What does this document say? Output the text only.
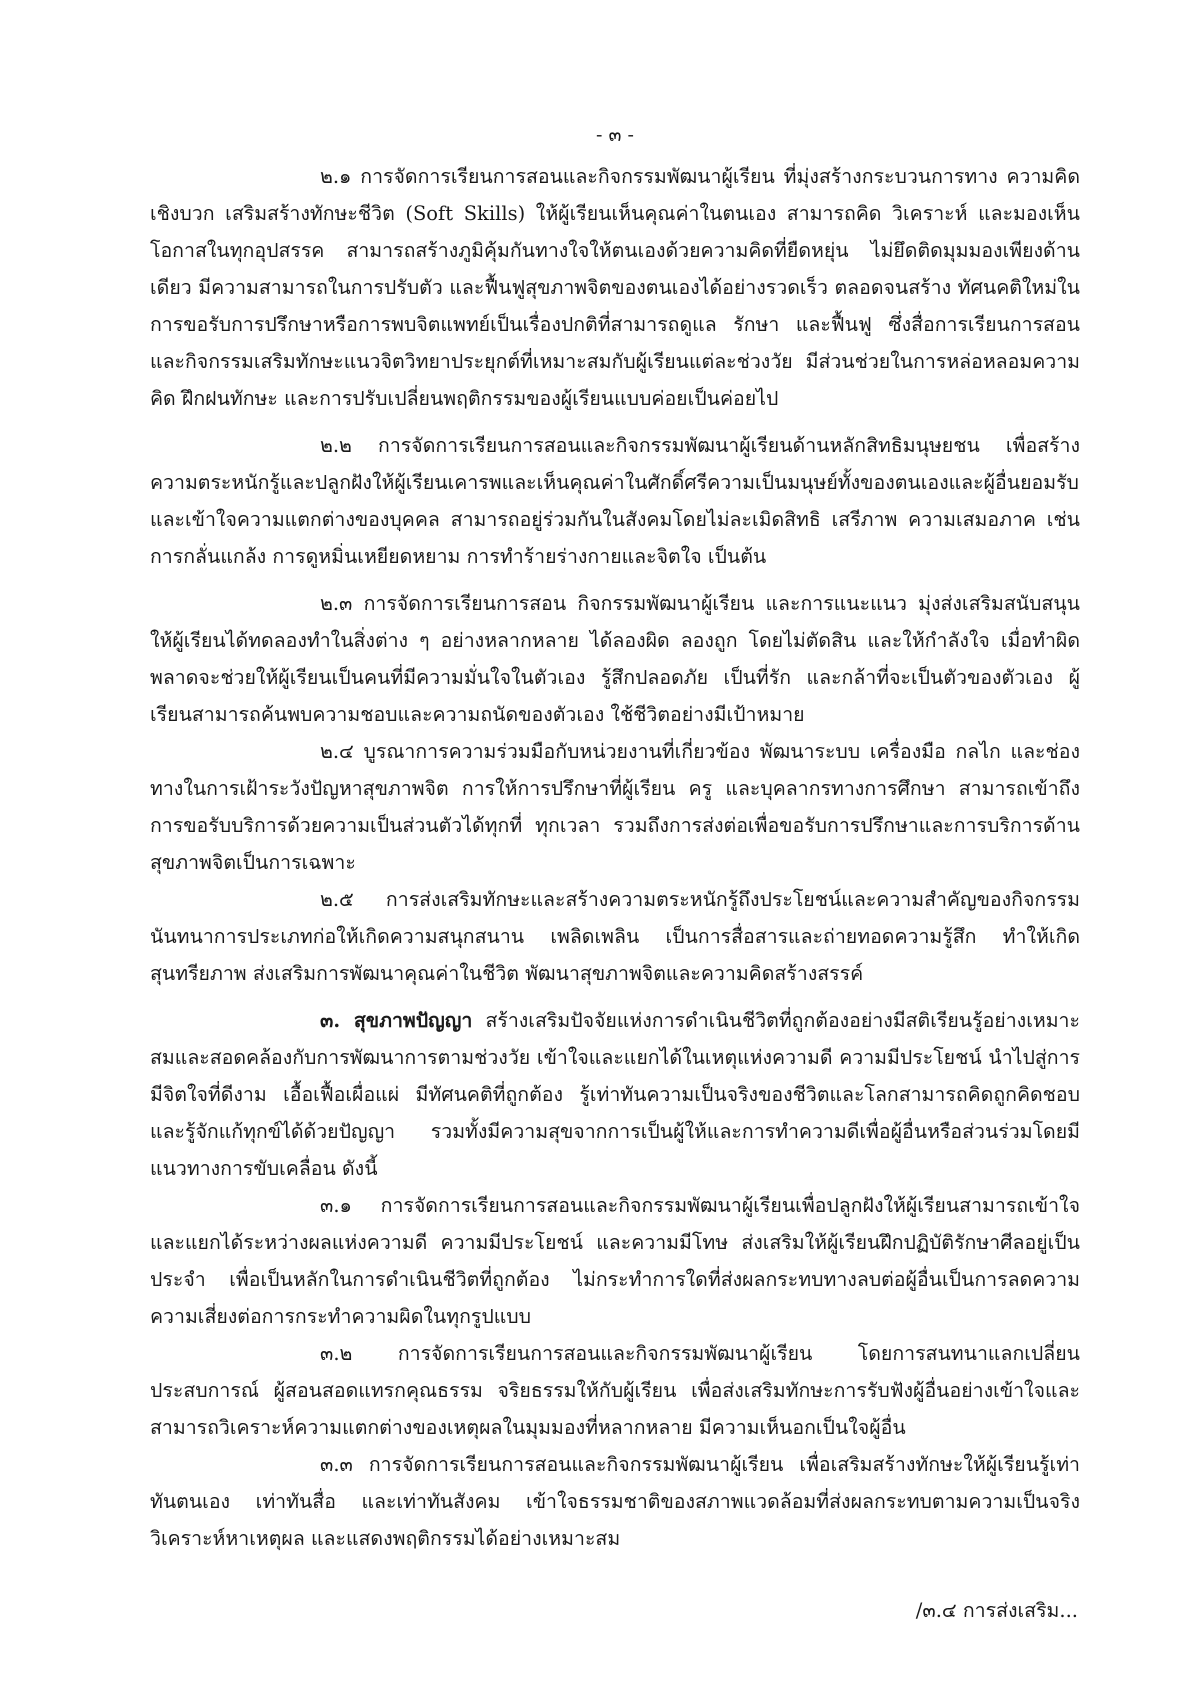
- ๓ -

๒.๑ การจัดการเรียนการสอนและกิจกรรมพัฒนาผู้เรียน ที่มุ่งสร้างกระบวนการทาง ความคิดเชิงบวก เสริมสร้างทักษะชีวิต (Soft Skills) ให้ผู้เรียนเห็นคุณค่าในตนเอง สามารถคิด วิเคราะห์ และมองเห็นโอกาสในทุกอุปสรรค สามารถสร้างภูมิคุ้มกันทางใจให้ตนเองด้วยความคิดที่ยืดหยุ่น ไม่ยึดติดมุมมองเพียงด้านเดียว มีความสามารถในการปรับตัว และฟื้นฟูสุขภาพจิตของตนเองได้อย่างรวดเร็ว ตลอดจนสร้าง ทัศนคติใหม่ในการขอรับการปรึกษาหรือการพบจิตแพทย์เป็นเรื่องปกติที่สามารถดูแล รักษา และฟื้นฟู ซึ่งสื่อการเรียนการสอนและกิจกรรมเสริมทักษะแนวจิตวิทยาประยุกต์ที่เหมาะสมกับผู้เรียนแต่ละช่วงวัย มีส่วนช่วยในการหล่อหลอมความคิด ฝึกฝนทักษะ และการปรับเปลี่ยนพฤติกรรมของผู้เรียนแบบค่อยเป็นค่อยไป

๒.๒ การจัดการเรียนการสอนและกิจกรรมพัฒนาผู้เรียนด้านหลักสิทธิมนุษยชน เพื่อสร้างความตระหนักรู้และปลูกฝังให้ผู้เรียนเคารพและเห็นคุณค่าในศักดิ์ศรีความเป็นมนุษย์ทั้งของตนเองและผู้อื่นยอมรับและเข้าใจความแตกต่างของบุคคล สามารถอยู่ร่วมกันในสังคมโดยไม่ละเมิดสิทธิ เสรีภาพ ความเสมอภาค เช่น การกลั่นแกล้ง การดูหมิ่นเหยียดหยาม การทำร้ายร่างกายและจิตใจ เป็นต้น

๒.๓ การจัดการเรียนการสอน กิจกรรมพัฒนาผู้เรียน และการแนะแนว มุ่งส่งเสริมสนับสนุน ให้ผู้เรียนได้ทดลองทำในสิ่งต่าง ๆ อย่างหลากหลาย ได้ลองผิด ลองถูก โดยไม่ตัดสิน และให้กำลังใจ เมื่อทำผิดพลาดจะช่วยให้ผู้เรียนเป็นคนที่มีความมั่นใจในตัวเอง รู้สึกปลอดภัย เป็นที่รัก และกล้าที่จะเป็นตัวของตัวเอง ผู้เรียนสามารถค้นพบความชอบและความถนัดของตัวเอง ใช้ชีวิตอย่างมีเป้าหมาย

๒.๔ บูรณาการความร่วมมือกับหน่วยงานที่เกี่ยวข้อง พัฒนาระบบ เครื่องมือ กลไก และช่องทางในการเฝ้าระวังปัญหาสุขภาพจิต การให้การปรึกษาที่ผู้เรียน ครู และบุคลากรทางการศึกษา สามารถเข้าถึงการขอรับบริการด้วยความเป็นส่วนตัวได้ทุกที่ ทุกเวลา รวมถึงการส่งต่อเพื่อขอรับการปรึกษาและการบริการด้านสุขภาพจิตเป็นการเฉพาะ

๒.๕ การส่งเสริมทักษะและสร้างความตระหนักรู้ถึงประโยชน์และความสำคัญของกิจกรรมนันทนาการประเภทก่อให้เกิดความสนุกสนาน เพลิดเพลิน เป็นการสื่อสารและถ่ายทอดความรู้สึก ทำให้เกิดสุนทรียภาพ ส่งเสริมการพัฒนาคุณค่าในชีวิต พัฒนาสุขภาพจิตและความคิดสร้างสรรค์

๓. สุขภาพปัญญา สร้างเสริมปัจจัยแห่งการดำเนินชีวิตที่ถูกต้องอย่างมีสติเรียนรู้อย่างเหมาะสมและสอดคล้องกับการพัฒนาการตามช่วงวัย เข้าใจและแยกได้ในเหตุแห่งความดี ความมีประโยชน์ นำไปสู่การมีจิตใจที่ดีงาม เอื้อเฟื้อเผื่อแผ่ มีทัศนคติที่ถูกต้อง รู้เท่าทันความเป็นจริงของชีวิตและโลกสามารถคิดถูกคิดชอบและรู้จักแก้ทุกข์ได้ด้วยปัญญา รวมทั้งมีความสุขจากการเป็นผู้ให้และการทำความดีเพื่อผู้อื่นหรือส่วนร่วมโดยมีแนวทางการขับเคลื่อน ดังนี้

๓.๑ การจัดการเรียนการสอนและกิจกรรมพัฒนาผู้เรียนเพื่อปลูกฝังให้ผู้เรียนสามารถเข้าใจและแยกได้ระหว่างผลแห่งความดี ความมีประโยชน์ และความมีโทษ ส่งเสริมให้ผู้เรียนฝึกปฏิบัติรักษาศีลอยู่เป็นประจำ เพื่อเป็นหลักในการดำเนินชีวิตที่ถูกต้อง ไม่กระทำการใดที่ส่งผลกระทบทางลบต่อผู้อื่นเป็นการลดความความเสี่ยงต่อการกระทำความผิดในทุกรูปแบบ

๓.๒ การจัดการเรียนการสอนและกิจกรรมพัฒนาผู้เรียน โดยการสนทนาแลกเปลี่ยนประสบการณ์ ผู้สอนสอดแทรกคุณธรรม จริยธรรมให้กับผู้เรียน เพื่อส่งเสริมทักษะการรับฟังผู้อื่นอย่างเข้าใจและสามารถวิเคราะห์ความแตกต่างของเหตุผลในมุมมองที่หลากหลาย มีความเห็นอกเป็นใจผู้อื่น

๓.๓ การจัดการเรียนการสอนและกิจกรรมพัฒนาผู้เรียน เพื่อเสริมสร้างทักษะให้ผู้เรียนรู้เท่าทันตนเอง เท่าทันสื่อ และเท่าทันสังคม เข้าใจธรรมชาติของสภาพแวดล้อมที่ส่งผลกระทบตามความเป็นจริงวิเคราะห์หาเหตุผล และแสดงพฤติกรรมได้อย่างเหมาะสม

/๓.๔ การส่งเสริม...
